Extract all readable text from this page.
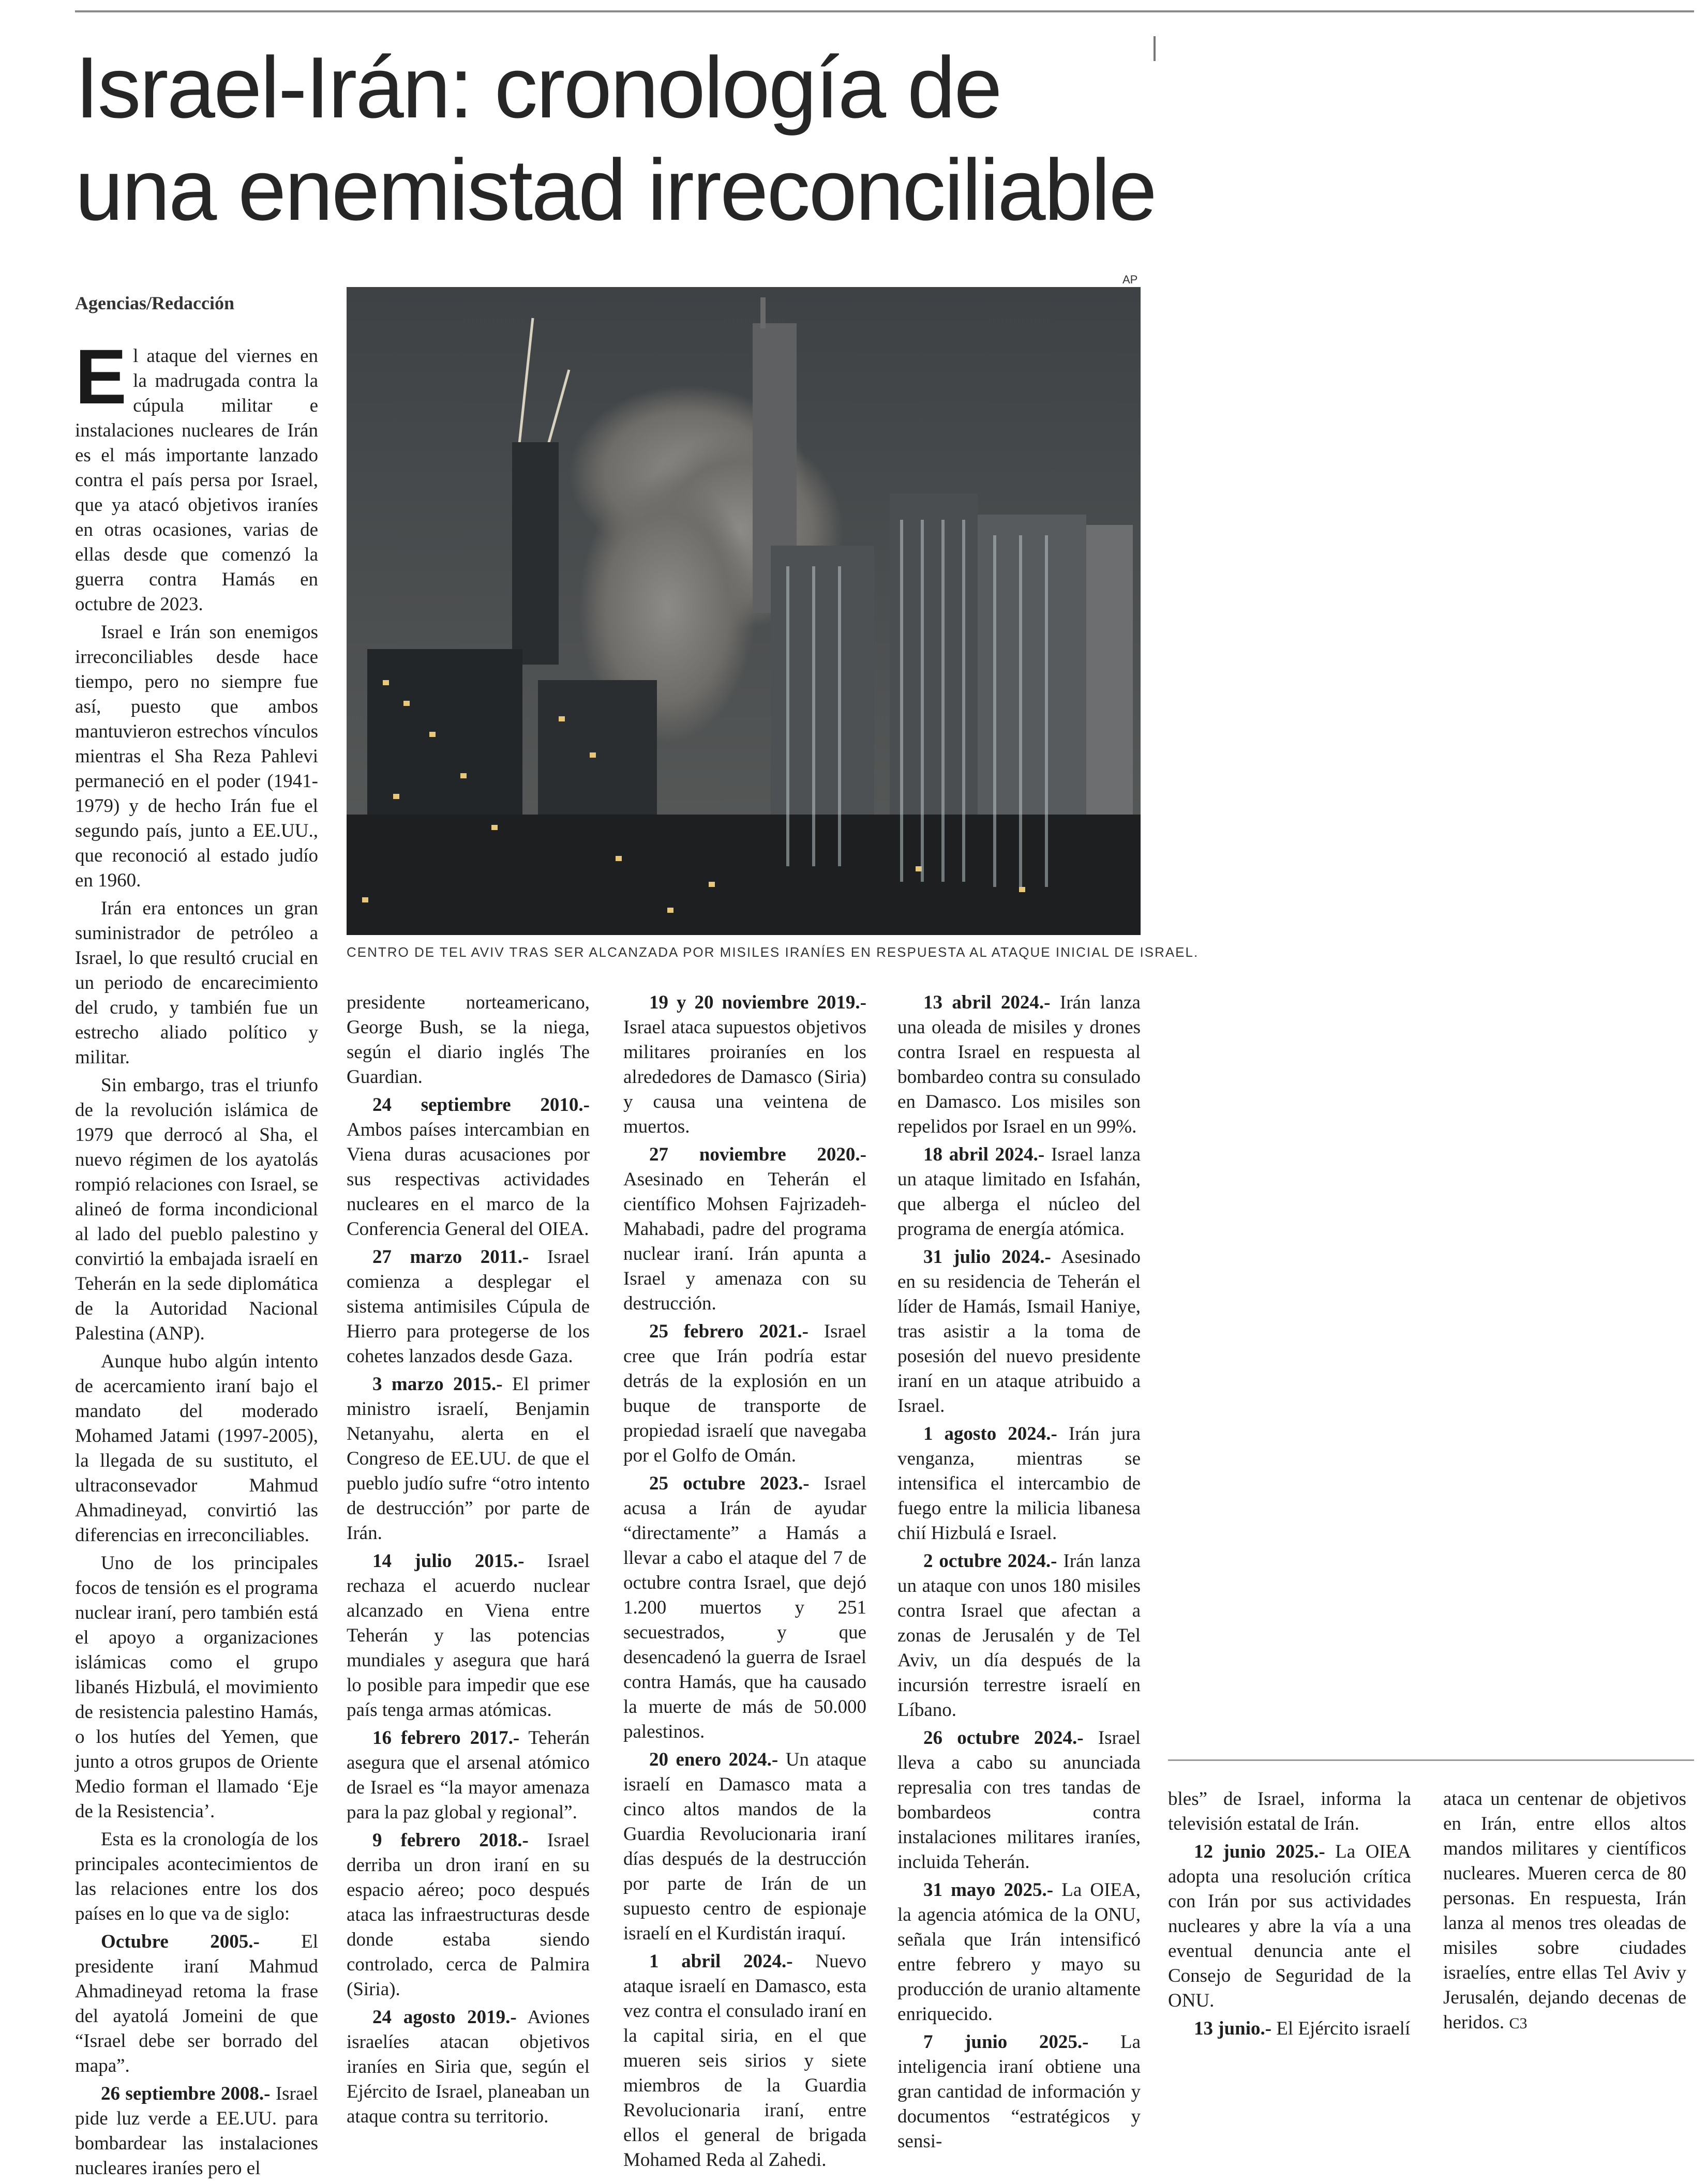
Israel-Irán: cronología de una enemistad irreconciliable
Agencias/Redacción
AP
CENTRO DE TEL AVIV TRAS SER ALCANZADA POR MISILES IRANÍES EN RESPUESTA AL ATAQUE INICIAL DE ISRAEL.

El ataque del viernes en la madrugada contra la cúpula militar e instalaciones nucleares de Irán es el más importante lanzado contra el país persa por Israel, que ya atacó objetivos iraníes en otras ocasiones, varias de ellas desde que comenzó la guerra contra Hamás en octubre de 2023.

Israel e Irán son enemigos irreconciliables desde hace tiempo, pero no siempre fue así, puesto que ambos mantuvieron estrechos vínculos mientras el Sha Reza Pahlevi permaneció en el poder (1941-1979) y de hecho Irán fue el segundo país, junto a EE.UU., que reconoció al estado judío en 1960.

Irán era entonces un gran suministrador de petróleo a Israel, lo que resultó crucial en un periodo de encarecimiento del crudo, y también fue un estrecho aliado político y militar.

Sin embargo, tras el triunfo de la revolución islámica de 1979 que derrocó al Sha, el nuevo régimen de los ayatolás rompió relaciones con Israel, se alineó de forma incondicional al lado del pueblo palestino y convirtió la embajada israelí en Teherán en la sede diplomática de la Autoridad Nacional Palestina (ANP).

Aunque hubo algún intento de acercamiento iraní bajo el mandato del moderado Mohamed Jatami (1997-2005), la llegada de su sustituto, el ultraconsevador Mahmud Ahmadineyad, convirtió las diferencias en irreconciliables.

Uno de los principales focos de tensión es el programa nuclear iraní, pero también está el apoyo a organizaciones islámicas como el grupo libanés Hizbulá, el movimiento de resistencia palestino Hamás, o los hutíes del Yemen, que junto a otros grupos de Oriente Medio forman el llamado ‘Eje de la Resistencia’.

Esta es la cronología de los principales acontecimientos de las relaciones entre los dos países en lo que va de siglo:

Octubre 2005.- El presidente iraní Mahmud Ahmadineyad retoma la frase del ayatolá Jomeini de que “Israel debe ser borrado del mapa”.

26 septiembre 2008.- Israel pide luz verde a EE.UU. para bombardear las instalaciones nucleares iraníes pero el

presidente norteamericano, George Bush, se la niega, según el diario inglés The Guardian.

24 septiembre 2010.- Ambos países intercambian en Viena duras acusaciones por sus respectivas actividades nucleares en el marco de la Conferencia General del OIEA.

27 marzo 2011.- Israel comienza a desplegar el sistema antimisiles Cúpula de Hierro para protegerse de los cohetes lanzados desde Gaza.

3 marzo 2015.- El primer ministro israelí, Benjamin Netanyahu, alerta en el Congreso de EE.UU. de que el pueblo judío sufre “otro intento de destrucción” por parte de Irán.

14 julio 2015.- Israel rechaza el acuerdo nuclear alcanzado en Viena entre Teherán y las potencias mundiales y asegura que hará lo posible para impedir que ese país tenga armas atómicas.

16 febrero 2017.- Teherán asegura que el arsenal atómico de Israel es “la mayor amenaza para la paz global y regional”.

9 febrero 2018.- Israel derriba un dron iraní en su espacio aéreo; poco después ataca las infraestructuras desde donde estaba siendo controlado, cerca de Palmira (Siria).

24 agosto 2019.- Aviones israelíes atacan objetivos iraníes en Siria que, según el Ejército de Israel, planeaban un ataque contra su territorio.

19 y 20 noviembre 2019.- Israel ataca supuestos objetivos militares proiraníes en los alrededores de Damasco (Siria) y causa una veintena de muertos.

27 noviembre 2020.- Asesinado en Teherán el científico Mohsen Fajrizadeh-Mahabadi, padre del programa nuclear iraní. Irán apunta a Israel y amenaza con su destrucción.

25 febrero 2021.- Israel cree que Irán podría estar detrás de la explosión en un buque de transporte de propiedad israelí que navegaba por el Golfo de Omán.

25 octubre 2023.- Israel acusa a Irán de ayudar “directamente” a Hamás a llevar a cabo el ataque del 7 de octubre contra Israel, que dejó 1.200 muertos y 251 secuestrados, y que desencadenó la guerra de Israel contra Hamás, que ha causado la muerte de más de 50.000 palestinos.

20 enero 2024.- Un ataque israelí en Damasco mata a cinco altos mandos de la Guardia Revolucionaria iraní días después de la destrucción por parte de Irán de un supuesto centro de espionaje israelí en el Kurdistán iraquí.

1 abril 2024.- Nuevo ataque israelí en Damasco, esta vez contra el consulado iraní en la capital siria, en el que mueren seis sirios y siete miembros de la Guardia Revolucionaria iraní, entre ellos el general de brigada Mohamed Reda al Zahedi.

13 abril 2024.- Irán lanza una oleada de misiles y drones contra Israel en respuesta al bombardeo contra su consulado en Damasco. Los misiles son repelidos por Israel en un 99%.

18 abril 2024.- Israel lanza un ataque limitado en Isfahán, que alberga el núcleo del programa de energía atómica.

31 julio 2024.- Asesinado en su residencia de Teherán el líder de Hamás, Ismail Haniye, tras asistir a la toma de posesión del nuevo presidente iraní en un ataque atribuido a Israel.

1 agosto 2024.- Irán jura venganza, mientras se intensifica el intercambio de fuego entre la milicia libanesa chií Hizbulá e Israel.

2 octubre 2024.- Irán lanza un ataque con unos 180 misiles contra Israel que afectan a zonas de Jerusalén y de Tel Aviv, un día después de la incursión terrestre israelí en Líbano.

26 octubre 2024.- Israel lleva a cabo su anunciada represalia con tres tandas de bombardeos contra instalaciones militares iraníes, incluida Teherán.

31 mayo 2025.- La OIEA, la agencia atómica de la ONU, señala que Irán intensificó entre febrero y mayo su producción de uranio altamente enriquecido.

7 junio 2025.- La inteligencia iraní obtiene una gran cantidad de información y documentos “estratégicos y sensi-

bles” de Israel, informa la televisión estatal de Irán.

12 junio 2025.- La OIEA adopta una resolución crítica con Irán por sus actividades nucleares y abre la vía a una eventual denuncia ante el Consejo de Seguridad de la ONU.

13 junio.- El Ejército israelí

ataca un centenar de objetivos en Irán, entre ellos altos mandos militares y científicos nucleares. Mueren cerca de 80 personas. En respuesta, Irán lanza al menos tres oleadas de misiles sobre ciudades israelíes, entre ellas Tel Aviv y Jerusalén, dejando decenas de heridos. C3
